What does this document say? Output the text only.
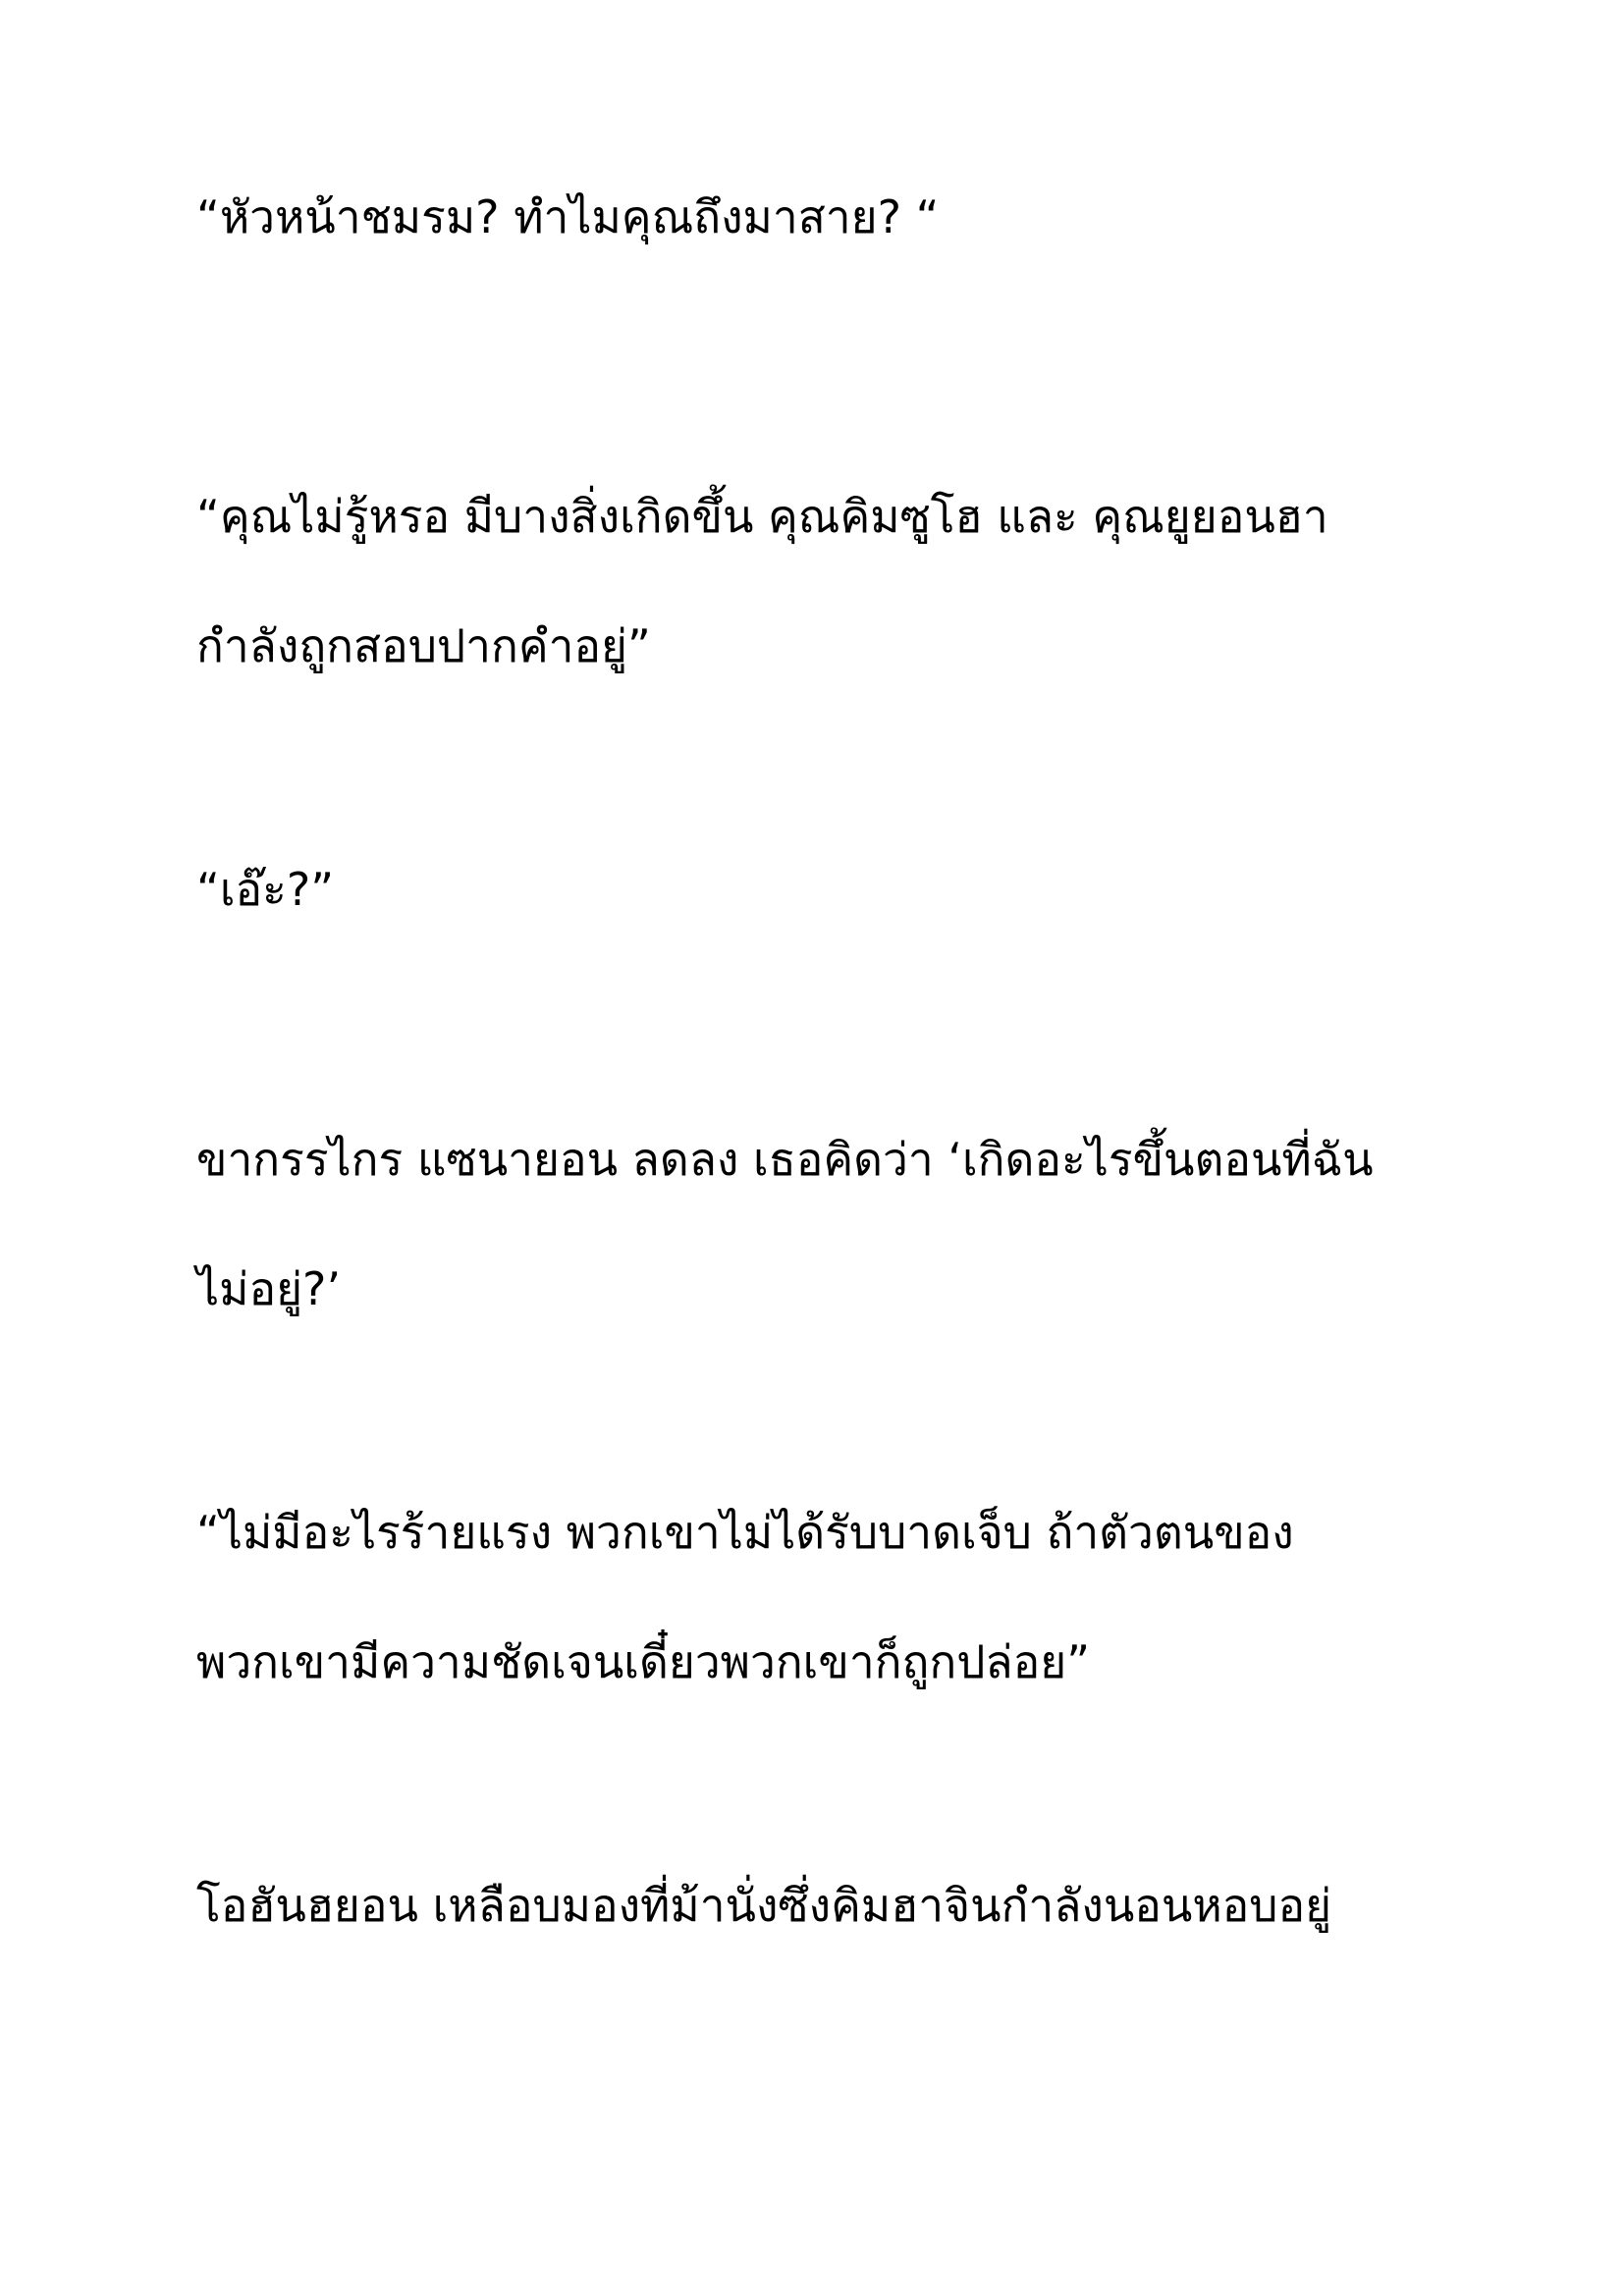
“หัวหน้าชมรม? ทำไมคุณถึงมาสาย? “

“คุณไม่รู้หรอ มีบางสิ่งเกิดขึ้น คุณคิมซูโฮ และ คุณยูยอนฮา
กำลังถูกสอบปากคำอยู่”

“เอ๊ะ?”

ขากรรไกร แซนายอน ลดลง เธอคิดว่า ‘เกิดอะไรขึ้นตอนที่ฉัน
ไม่อยู่?’

“ไม่มีอะไรร้ายแรง พวกเขาไม่ได้รับบาดเจ็บ ถ้าตัวตนของ
พวกเขามีความชัดเจนเดี๋ยวพวกเขาก็ถูกปล่อย”

โอฮันฮยอน เหลือบมองที่ม้านั่งซึ่งคิมฮาจินกำลังนอนหอบอยู่
